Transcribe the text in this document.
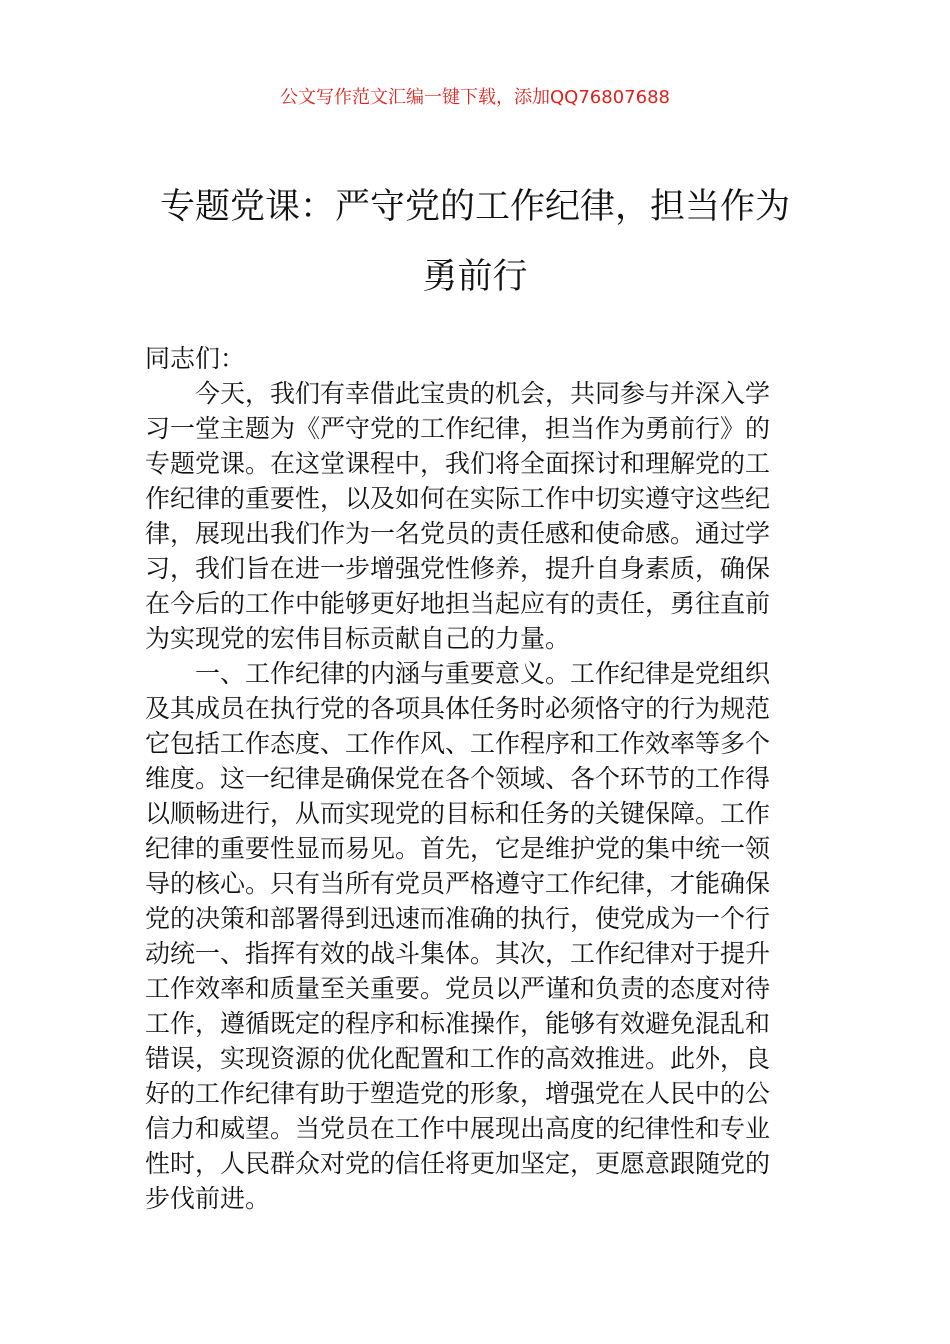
公文写作范文汇编一键下载，添加QQ76807688
专题党课：严守党的工作纪律，担当作为
勇前行
同志们：
今天，我们有幸借此宝贵的机会，共同参与并深入学
习一堂主题为《严守党的工作纪律，担当作为勇前行》的
专题党课。在这堂课程中，我们将全面探讨和理解党的工
作纪律的重要性，以及如何在实际工作中切实遵守这些纪
律，展现出我们作为一名党员的责任感和使命感。通过学
习，我们旨在进一步增强党性修养，提升自身素质，确保
在今后的工作中能够更好地担当起应有的责任，勇往直前
为实现党的宏伟目标贡献自己的力量。
一、工作纪律的内涵与重要意义。工作纪律是党组织
及其成员在执行党的各项具体任务时必须恪守的行为规范
它包括工作态度、工作作风、工作程序和工作效率等多个
维度。这一纪律是确保党在各个领域、各个环节的工作得
以顺畅进行，从而实现党的目标和任务的关键保障。工作
纪律的重要性显而易见。首先，它是维护党的集中统一领
导的核心。只有当所有党员严格遵守工作纪律，才能确保
党的决策和部署得到迅速而准确的执行，使党成为一个行
动统一、指挥有效的战斗集体。其次，工作纪律对于提升
工作效率和质量至关重要。党员以严谨和负责的态度对待
工作，遵循既定的程序和标准操作，能够有效避免混乱和
错误，实现资源的优化配置和工作的高效推进。此外，良
好的工作纪律有助于塑造党的形象，增强党在人民中的公
信力和威望。当党员在工作中展现出高度的纪律性和专业
性时，人民群众对党的信任将更加坚定，更愿意跟随党的
步伐前进。
